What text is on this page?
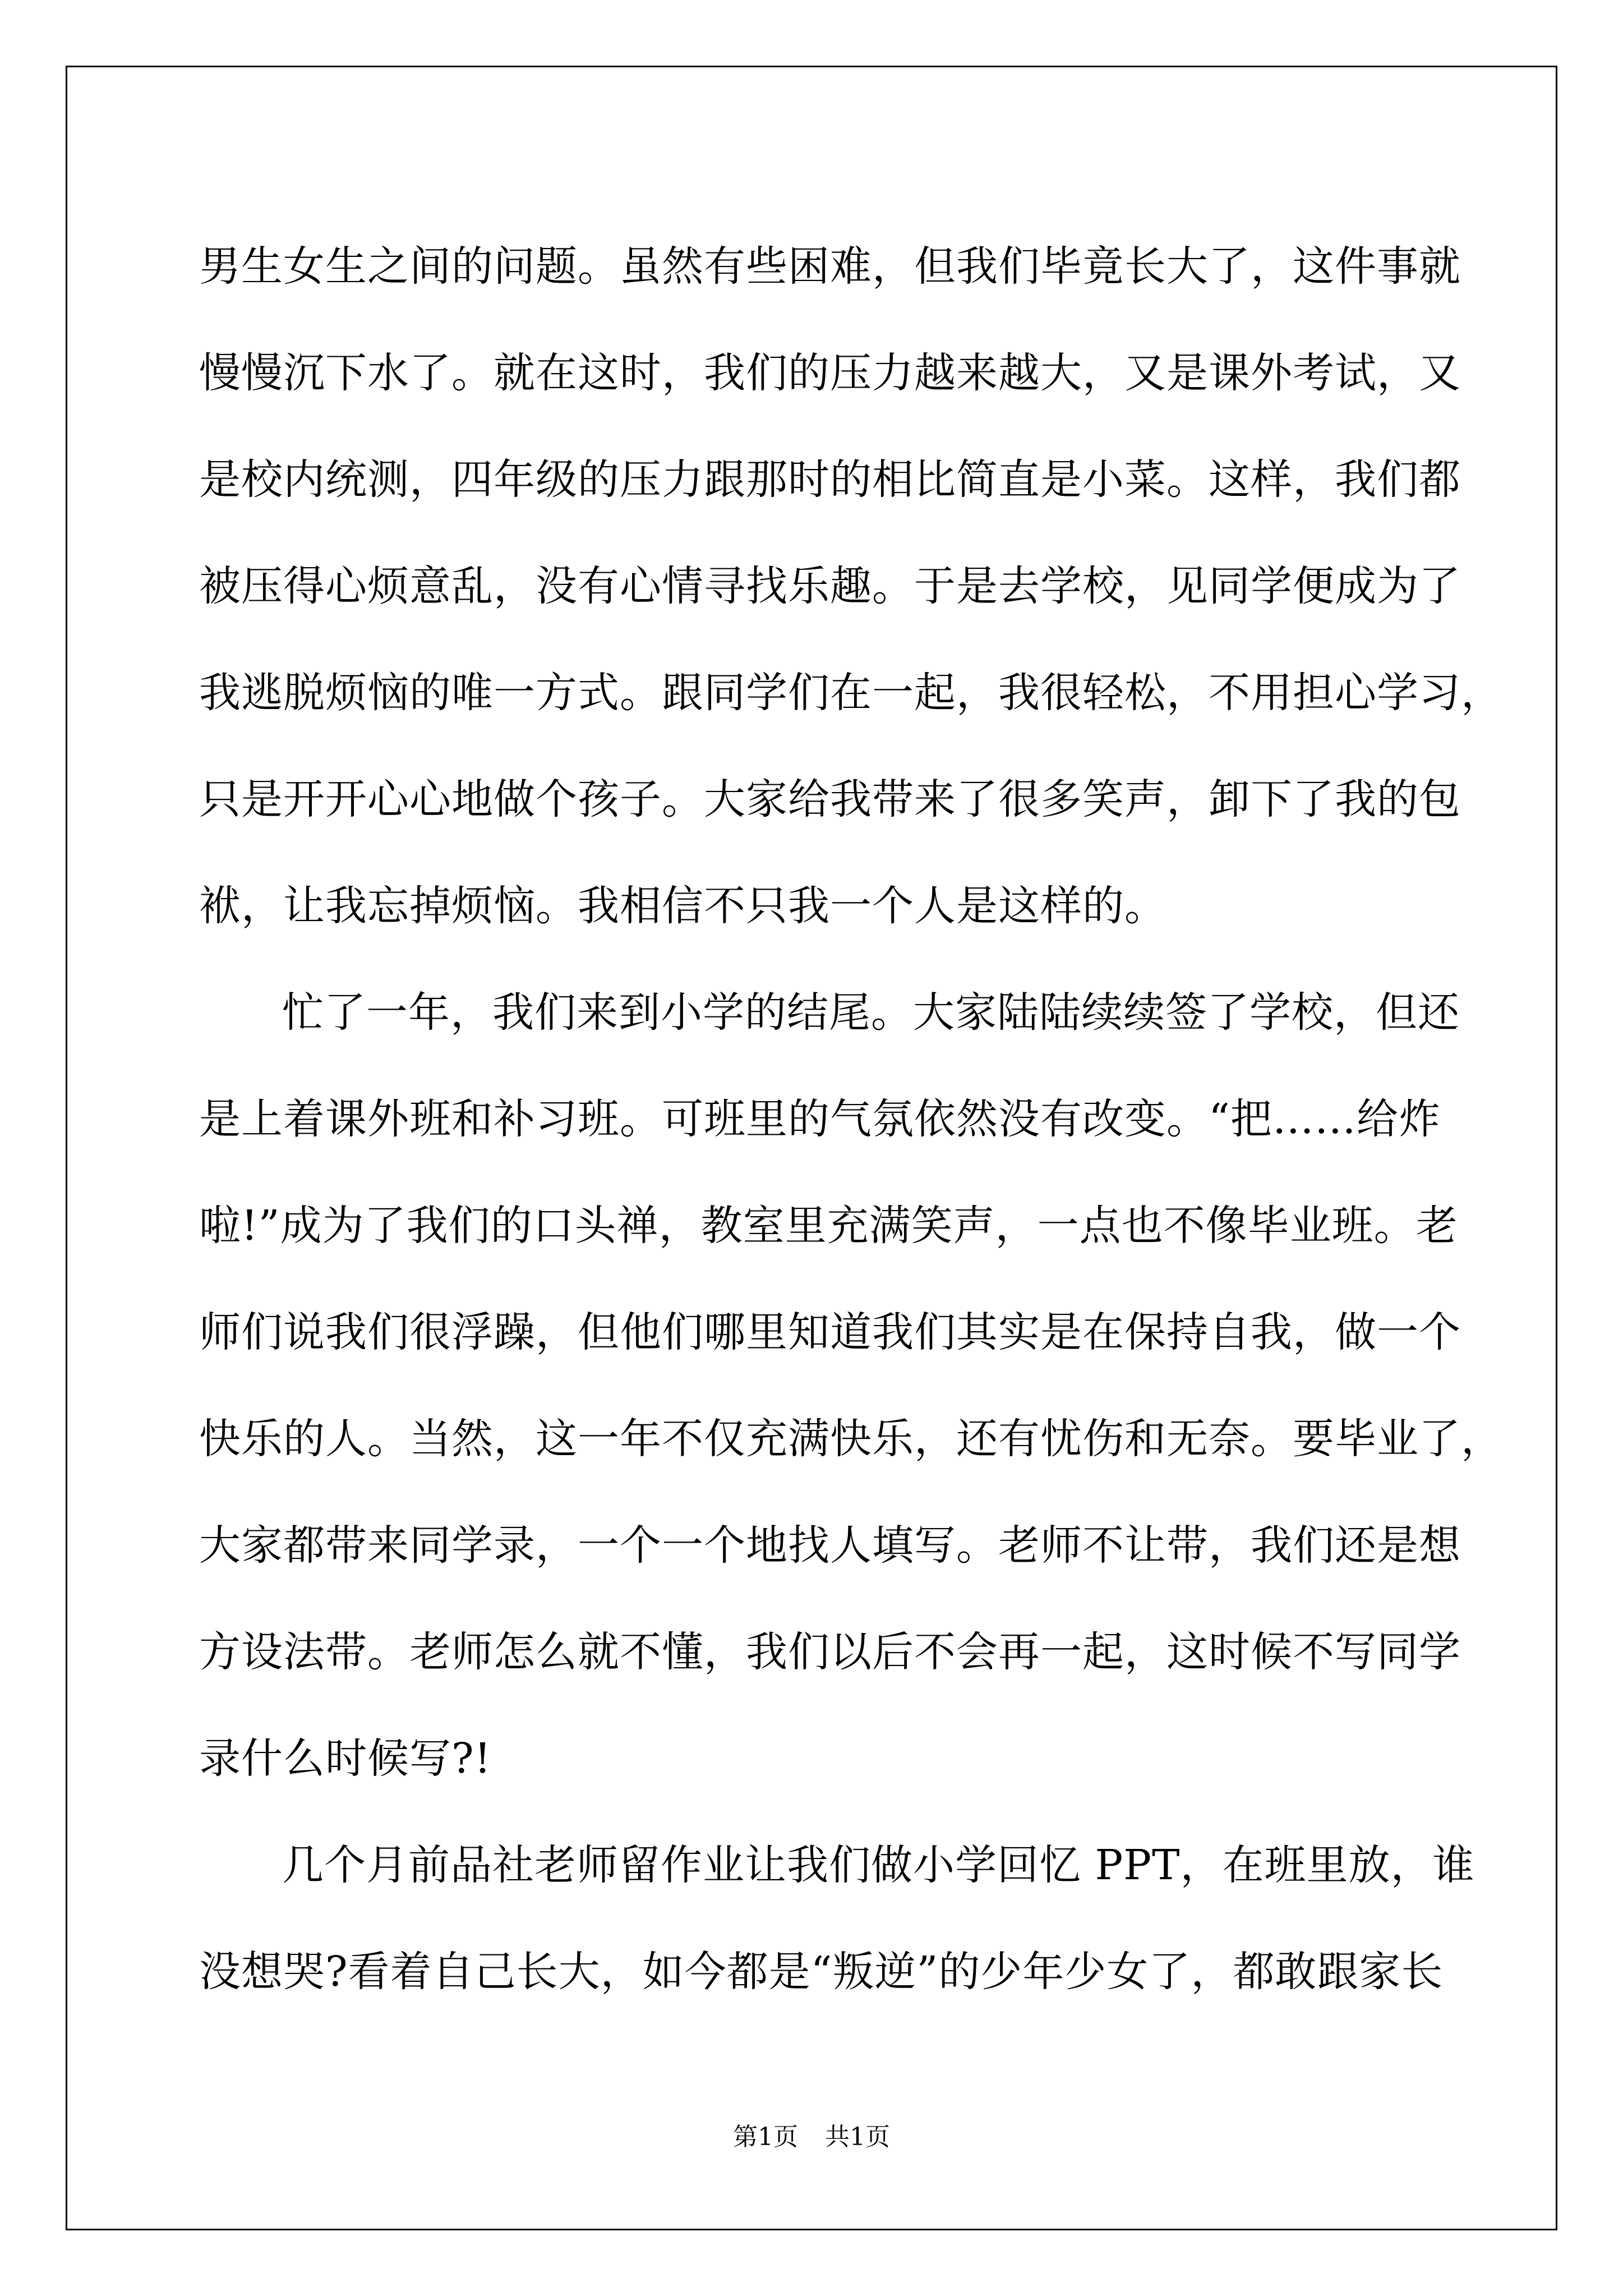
男生女生之间的问题。虽然有些困难，但我们毕竟长大了，这件事就
慢慢沉下水了。就在这时，我们的压力越来越大，又是课外考试，又
是校内统测，四年级的压力跟那时的相比简直是小菜。这样，我们都
被压得心烦意乱，没有心情寻找乐趣。于是去学校，见同学便成为了
我逃脱烦恼的唯一方式。跟同学们在一起，我很轻松，不用担心学习，
只是开开心心地做个孩子。大家给我带来了很多笑声，卸下了我的包
袱，让我忘掉烦恼。我相信不只我一个人是这样的。
忙了一年，我们来到小学的结尾。大家陆陆续续签了学校，但还
是上着课外班和补习班。可班里的气氛依然没有改变。“把……给炸
啦!”成为了我们的口头禅，教室里充满笑声，一点也不像毕业班。老
师们说我们很浮躁，但他们哪里知道我们其实是在保持自我，做一个
快乐的人。当然，这一年不仅充满快乐，还有忧伤和无奈。要毕业了，
大家都带来同学录，一个一个地找人填写。老师不让带，我们还是想
方设法带。老师怎么就不懂，我们以后不会再一起，这时候不写同学
录什么时候写?!
几个月前品社老师留作业让我们做小学回忆 PPT，在班里放，谁
没想哭?看着自己长大，如今都是“叛逆”的少年少女了，都敢跟家长
第1页 共1页
